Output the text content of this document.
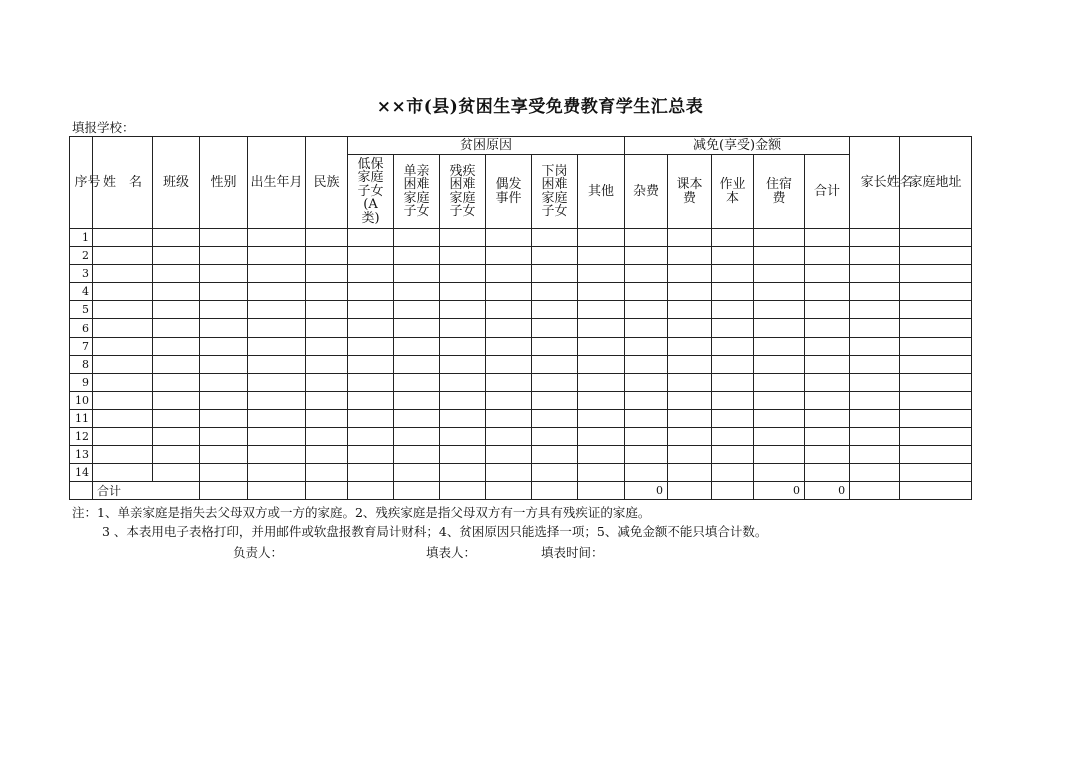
××市(县)贫困生享受免费教育学生汇总表
填报学校：
序号	姓　名	班级	性别	出生年月	民族	贫困原因						减免(享受)金额					家长姓名	家庭地址

						低保家庭子女(A类)	单亲困难家庭子女	残疾困难家庭子女	偶发事件	下岗困难家庭子女	其他	杂费	课本费	作业本	住宿费	合计		
1																		
2																		
3																		
4																		
5																		
6																		
7																		
8																		
9																		
10																		
11																		
12																		
13																		
14																		
	合计											0			0	0		
注：1、单亲家庭是指失去父母双方或一方的家庭。2、残疾家庭是指父母双方有一方具有残疾证的家庭。
3 、本表用电子表格打印，并用邮件或软盘报教育局计财科；4、贫困原因只能选择一项；5、减免金额不能只填合计数。
负责人：	填表人：	填表时间：
